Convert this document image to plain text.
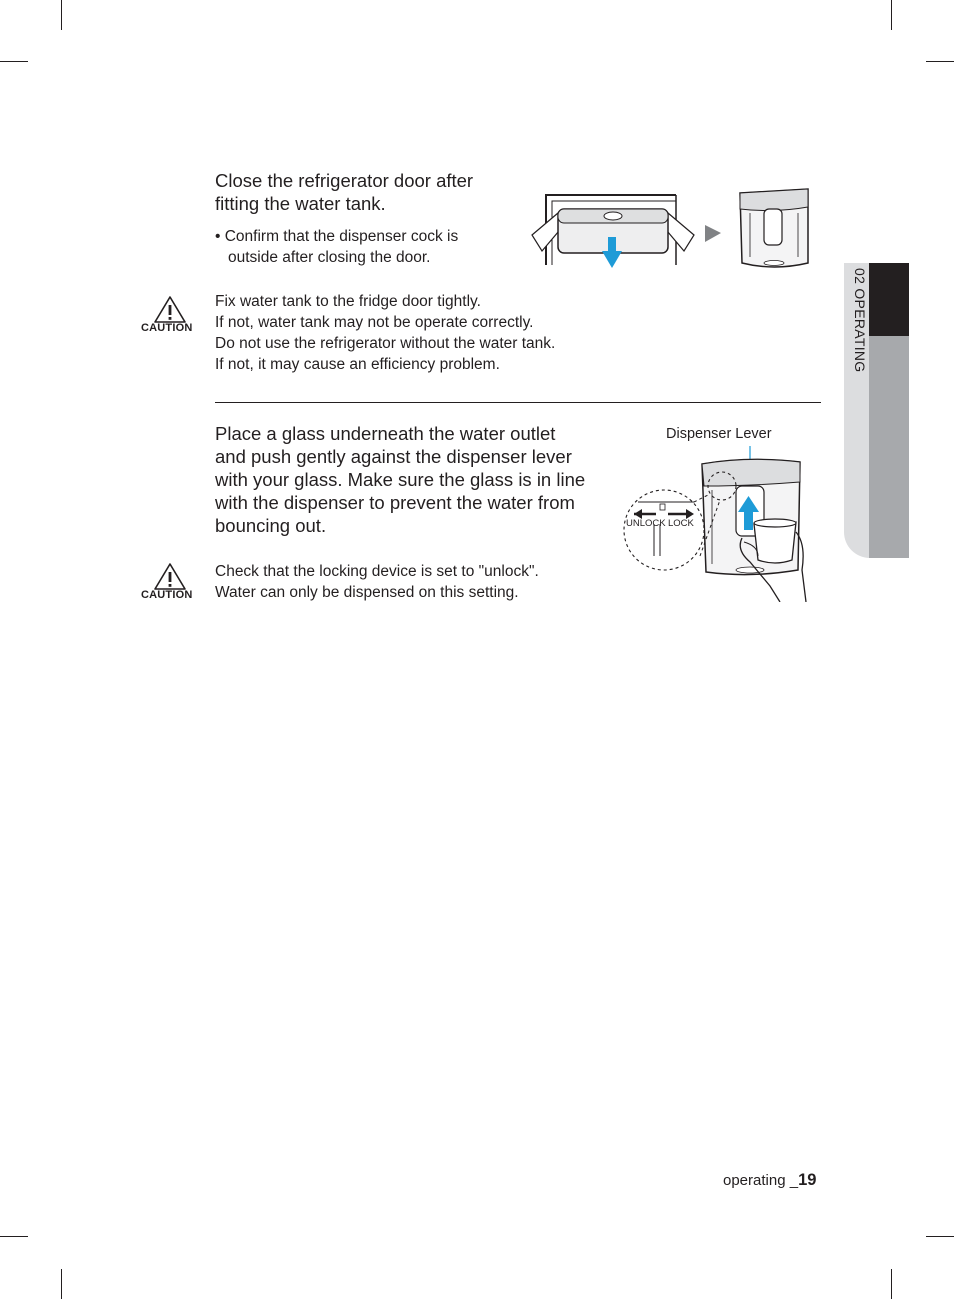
02 OPERATING
Close the refrigerator door after
fitting the water tank.
• Confirm that the dispenser cock is
outside after closing the door.
CAUTION
Fix water tank to the fridge door tightly.
If not, water tank may not be operate correctly.
Do not use the refrigerator without the water tank.
If not, it may cause an efficiency problem.
Place a glass underneath the water outlet
and push gently against the dispenser lever
with your glass. Make sure the glass is in line
with the dispenser to prevent the water from
bouncing out.
Dispenser Lever
UNLOCK LOCK
CAUTION
Check that the locking device is set to "unlock".
Water can only be dispensed on this setting.
operating _19
